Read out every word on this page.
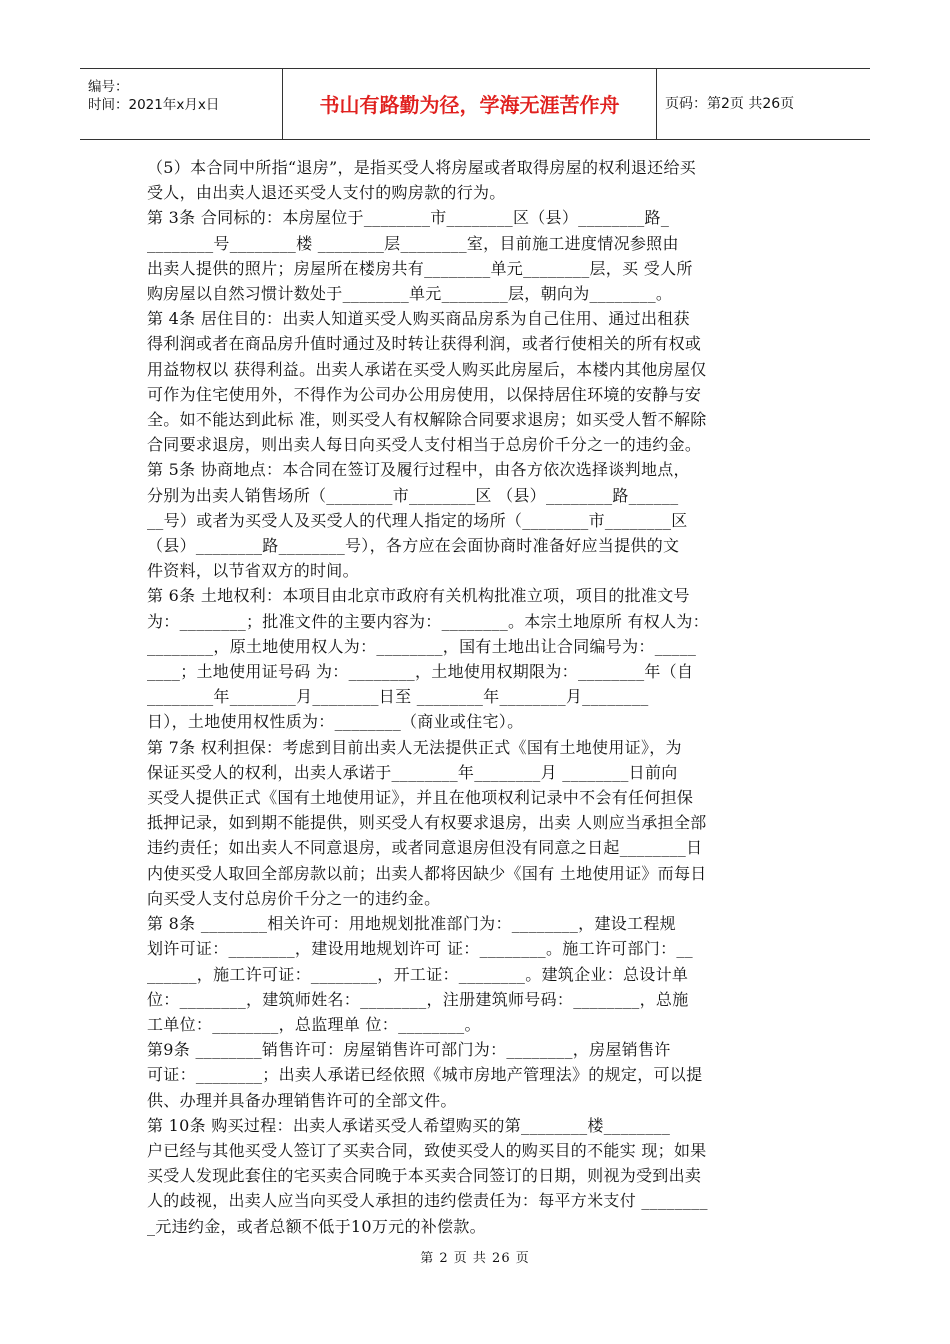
编号：
时间：2021年x月x日	书山有路勤为径，学海无涯苦作舟	页码：第2页 共26页

（5）本合同中所指“退房”，是指买受人将房屋或者取得房屋的权利退还给买

受人，由出卖人退还买受人支付的购房款的行为。

第 3条 合同标的：本房屋位于________市________区（县）________路_

________号________楼 ________层________室，目前施工进度情况参照由

出卖人提供的照片；房屋所在楼房共有________单元________层，买 受人所

购房屋以自然习惯计数处于________单元________层，朝向为________。

第 4条 居住目的：出卖人知道买受人购买商品房系为自己住用、通过出租获

得利润或者在商品房升值时通过及时转让获得利润，或者行使相关的所有权或

用益物权以 获得利益。出卖人承诺在买受人购买此房屋后，本楼内其他房屋仅

可作为住宅使用外，不得作为公司办公用房使用，以保持居住环境的安静与安

全。如不能达到此标 准，则买受人有权解除合同要求退房；如买受人暂不解除

合同要求退房，则出卖人每日向买受人支付相当于总房价千分之一的违约金。

第 5条 协商地点：本合同在签订及履行过程中，由各方依次选择谈判地点，

分别为出卖人销售场所（________市________区 （县）________路______

__号）或者为买受人及买受人的代理人指定的场所（________市________区

（县）________路________号），各方应在会面协商时准备好应当提供的文

件资料，以节省双方的时间。

第 6条 土地权利：本项目由北京市政府有关机构批准立项，项目的批准文号

为：________；批准文件的主要内容为：________。本宗土地原所 有权人为：

________，原土地使用权人为：________，国有土地出让合同编号为：_____

____；土地使用证号码 为：________，土地使用权期限为：________年（自

________年________月________日至 ________年________月________

日），土地使用权性质为：________（商业或住宅）。

第 7条 权利担保：考虑到目前出卖人无法提供正式《国有土地使用证》，为

保证买受人的权利，出卖人承诺于________年________月 ________日前向

买受人提供正式《国有土地使用证》，并且在他项权利记录中不会有任何担保

抵押记录，如到期不能提供，则买受人有权要求退房，出卖 人则应当承担全部

违约责任；如出卖人不同意退房，或者同意退房但没有同意之日起________日

内使买受人取回全部房款以前；出卖人都将因缺少《国有 土地使用证》而每日

向买受人支付总房价千分之一的违约金。

第 8条 ________相关许可：用地规划批准部门为：________，建设工程规

划许可证：________，建设用地规划许可 证：________。施工许可部门：__

______，施工许可证：________，开工证：________。建筑企业：总设计单

位：________，建筑师姓名：________，注册建筑师号码：________，总施

工单位：________，总监理单 位：________。

第9条 ________销售许可：房屋销售许可部门为：________，房屋销售许

可证：________；出卖人承诺已经依照《城市房地产管理法》的规定，可以提

供、办理并具备办理销售许可的全部文件。

第 10条 购买过程：出卖人承诺买受人希望购买的第________楼________

户已经与其他买受人签订了买卖合同，致使买受人的购买目的不能实 现；如果

买受人发现此套住的宅买卖合同晚于本买卖合同签订的日期，则视为受到出卖

人的歧视，出卖人应当向买受人承担的违约偿责任为：每平方米支付 ________

_元违约金，或者总额不低于10万元的补偿款。

第 2 页 共 26 页
